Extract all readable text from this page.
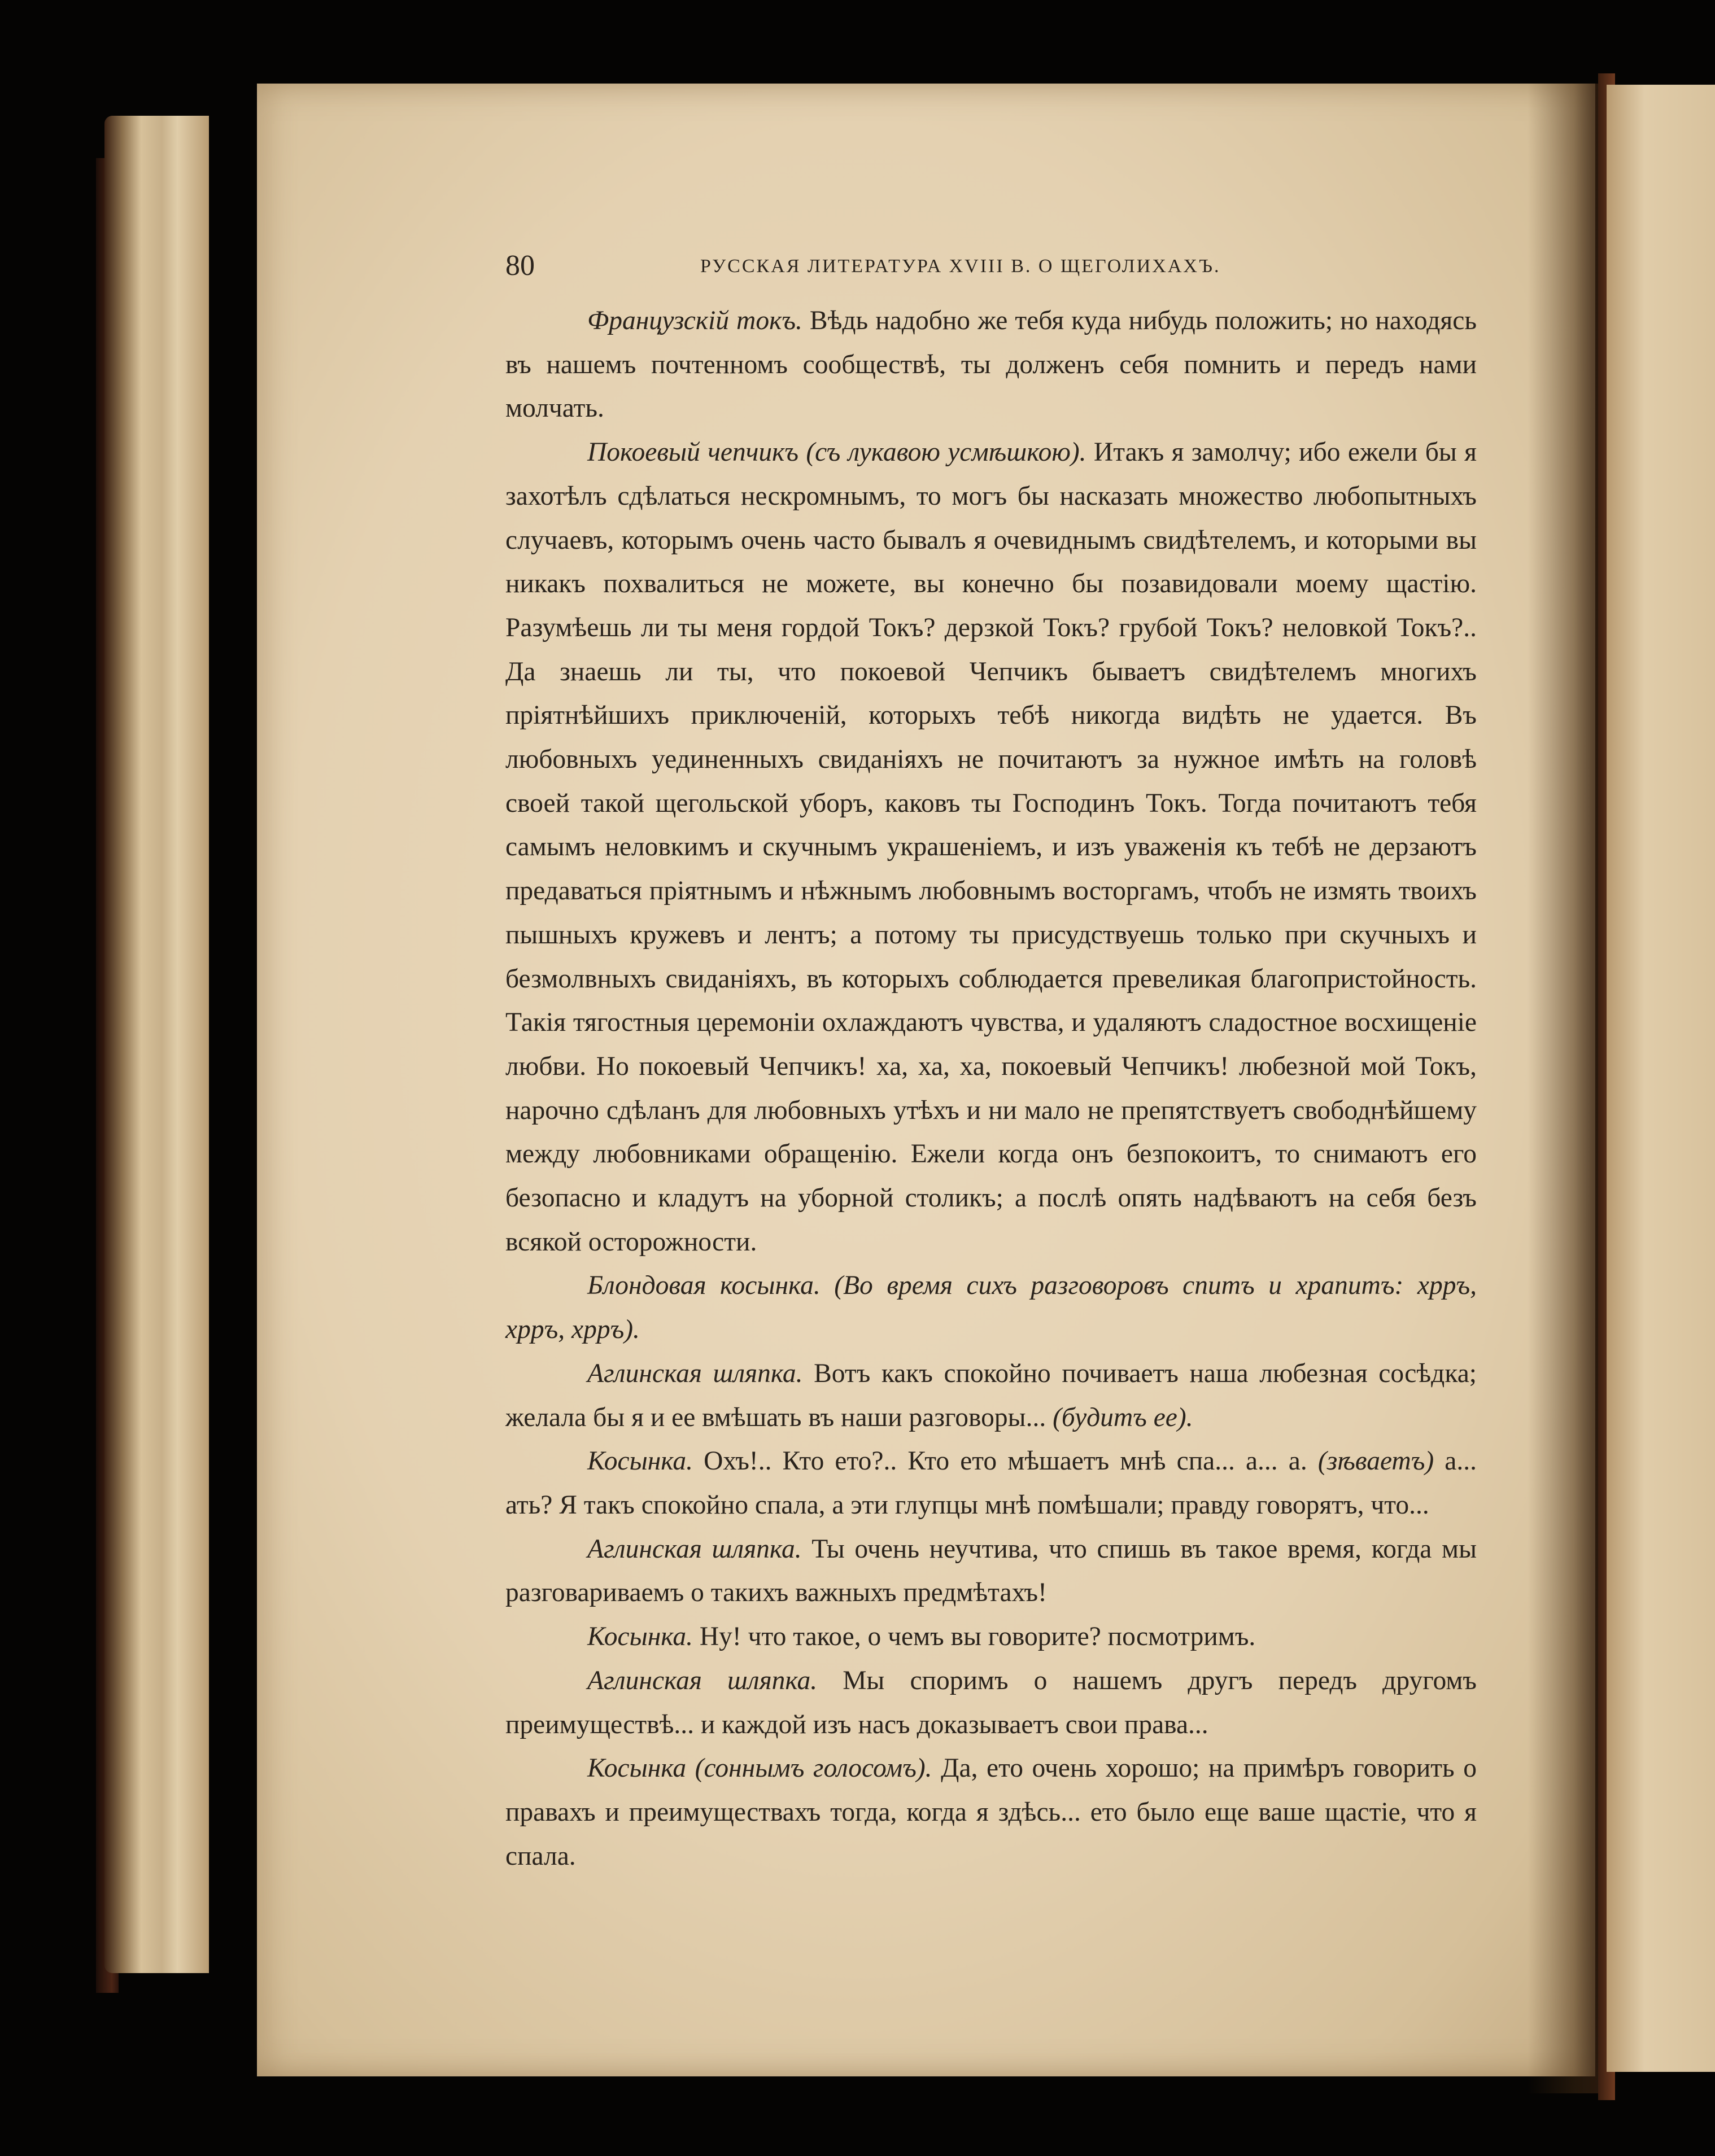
80	РУССКАЯ ЛИТЕРАТУРА XVIII В. О ЩЕГОЛИХАХЪ.

Французскій токъ. Вѣдь надобно же тебя куда нибудь положить; но находясь въ нашемъ почтенномъ сообществѣ, ты долженъ себя помнить и передъ нами молчать.

Покоевый чепчикъ (съ лукавою усмѣшкою). Итакъ я замолчу; ибо ежели бы я захотѣлъ сдѣлаться нескромнымъ, то могъ бы насказать множество любопытныхъ случаевъ, которымъ очень часто бывалъ я очевиднымъ свидѣтелемъ, и которыми вы никакъ похвалиться не можете, вы конечно бы позавидовали моему щастію. Разумѣешь ли ты меня гордой Токъ? дерзкой Токъ? грубой Токъ? неловкой Токъ?.. Да знаешь ли ты, что покоевой Чепчикъ бываетъ свидѣтелемъ многихъ пріятнѣйшихъ приключеній, которыхъ тебѣ никогда видѣть не удается. Въ любовныхъ уединенныхъ свиданіяхъ не почитаютъ за нужное имѣть на головѣ своей такой щегольской уборъ, каковъ ты Господинъ Токъ. Тогда почитаютъ тебя самымъ неловкимъ и скучнымъ украшеніемъ, и изъ уваженія къ тебѣ не дерзаютъ предаваться пріятнымъ и нѣжнымъ любовнымъ восторгамъ, чтобъ не измять твоихъ пышныхъ кружевъ и лентъ; а потому ты присудствуешь только при скучныхъ и безмолвныхъ свиданіяхъ, въ которыхъ соблюдается превеликая благопристойность. Такія тягостныя церемоніи охлаждаютъ чувства, и удаляютъ сладостное восхищеніе любви. Но покоевый Чепчикъ! ха, ха, ха, покоевый Чепчикъ! любезной мой Токъ, нарочно сдѣланъ для любовныхъ утѣхъ и ни мало не препятствуетъ свободнѣйшему между любовниками обращенію. Ежели когда онъ безпокоитъ, то снимаютъ его безопасно и кладутъ на уборной столикъ; а послѣ опять надѣваютъ на себя безъ всякой осторожности.

Блондовая косынка. (Во время сихъ разговоровъ спитъ и храпитъ: хрръ, хрръ, хрръ).

Аглинская шляпка. Вотъ какъ спокойно почиваетъ наша любезная сосѣдка; желала бы я и ее вмѣшать въ наши разговоры... (будитъ ее).

Косынка. Охъ!.. Кто ето?.. Кто ето мѣшаетъ мнѣ спа... а... а. (зѣваетъ) а... ать? Я такъ спокойно спала, а эти глупцы мнѣ помѣшали; правду говорятъ, что...

Аглинская шляпка. Ты очень неучтива, что спишь въ такое время, когда мы разговариваемъ о такихъ важныхъ предмѣтахъ!

Косынка. Ну! что такое, о чемъ вы говорите? посмотримъ.

Аглинская шляпка. Мы споримъ о нашемъ другъ передъ другомъ преимуществѣ... и каждой изъ насъ доказываетъ свои права...

Косынка (соннымъ голосомъ). Да, ето очень хорошо; на примѣръ говорить о правахъ и преимуществахъ тогда, когда я здѣсь... ето было еще ваше щастіе, что я спала.
